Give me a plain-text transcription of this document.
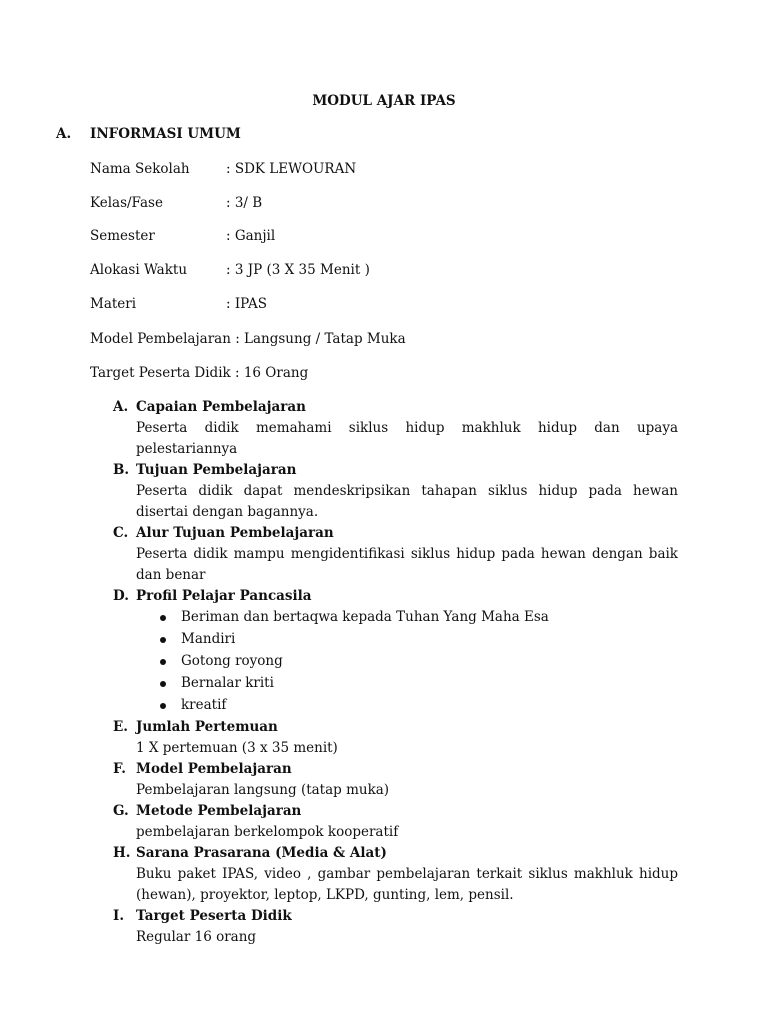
MODUL AJAR IPAS
A. INFORMASI UMUM
Nama Sekolah	: SDK LEWOURAN
Kelas/Fase	: 3/ B
Semester	: Ganjil
Alokasi Waktu	: 3 JP (3 X 35 Menit )
Materi	: IPAS
Model Pembelajaran : Langsung / Tatap Muka
Target Peserta Didik : 16 Orang
A. Capaian Pembelajaran
Peserta didik memahami siklus hidup makhluk hidup dan upaya pelestariannya
B. Tujuan Pembelajaran
Peserta didik dapat mendeskripsikan tahapan siklus hidup pada hewan disertai dengan bagannya.
C. Alur Tujuan Pembelajaran
Peserta didik mampu mengidentifikasi siklus hidup pada hewan dengan baik dan benar
D. Profil Pelajar Pancasila
Beriman dan bertaqwa kepada Tuhan Yang Maha Esa
Mandiri
Gotong royong
Bernalar kriti
kreatif
E. Jumlah Pertemuan
1 X pertemuan (3 x 35 menit)
F. Model Pembelajaran
Pembelajaran langsung (tatap muka)
G. Metode Pembelajaran
pembelajaran berkelompok kooperatif
H. Sarana Prasarana (Media & Alat)
Buku paket IPAS, video , gambar pembelajaran terkait siklus makhluk hidup (hewan), proyektor, leptop, LKPD, gunting, lem, pensil.
I. Target Peserta Didik
Regular 16 orang
